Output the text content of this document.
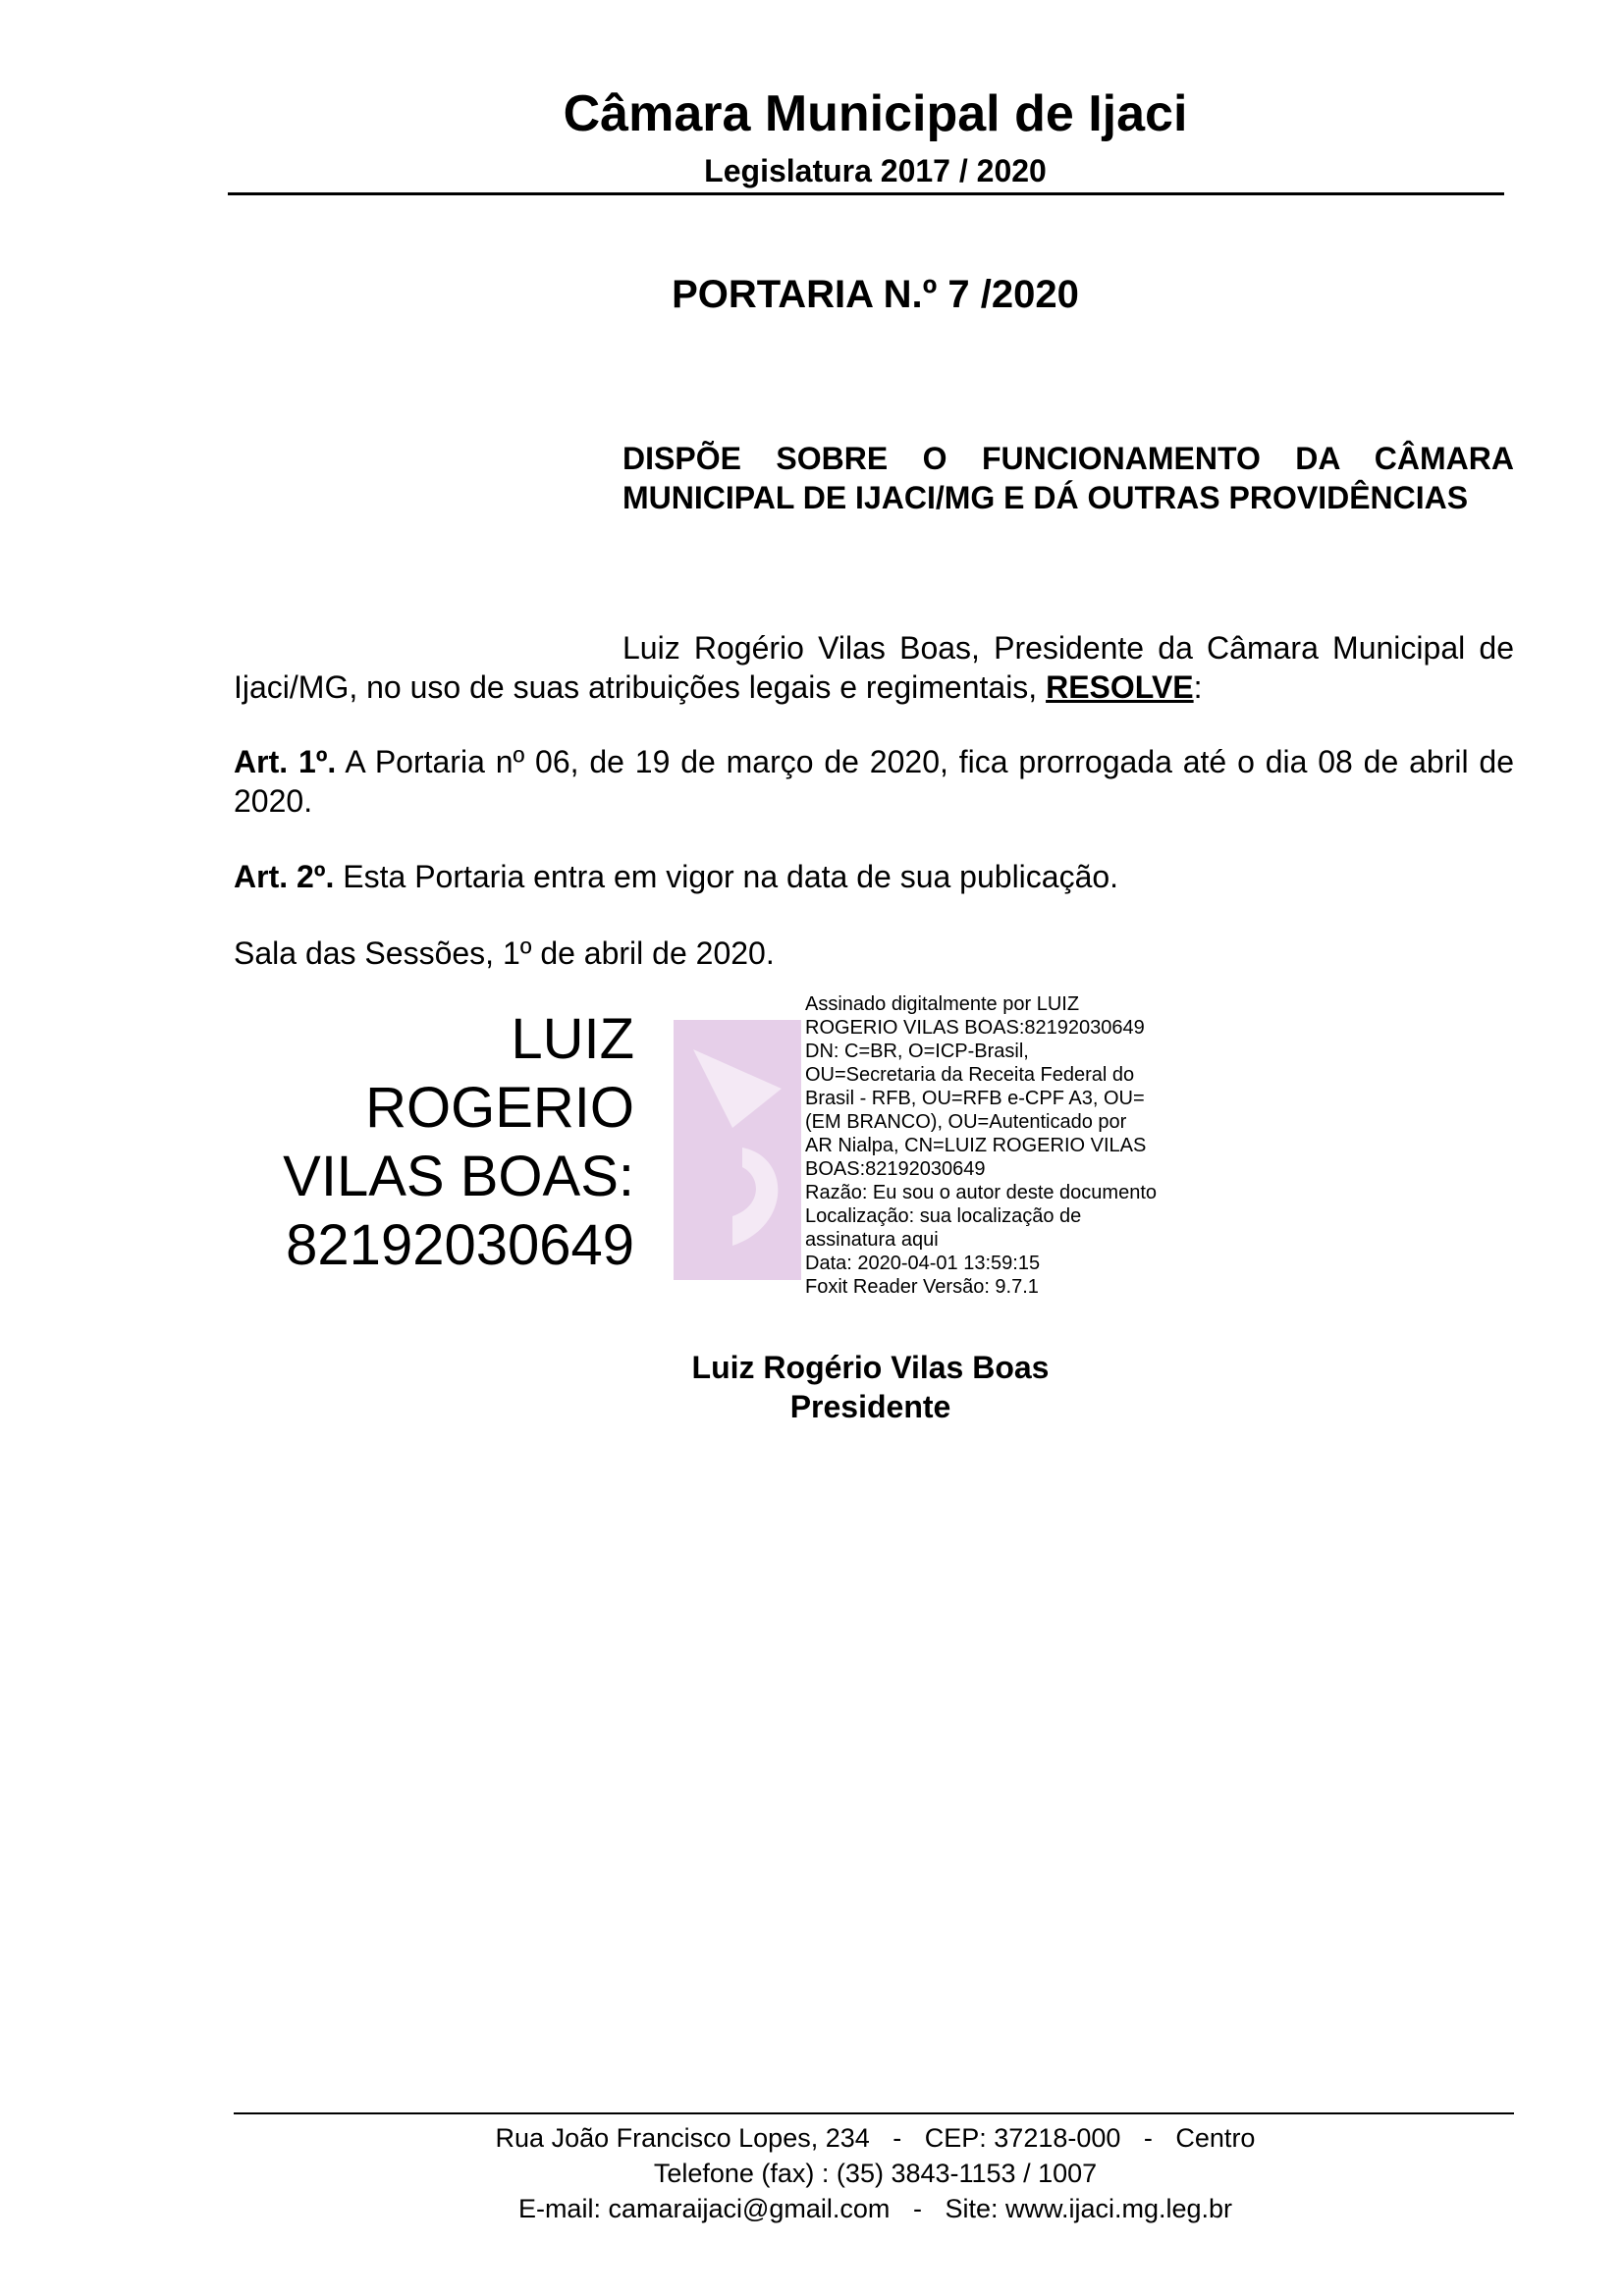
Câmara Municipal de Ijaci
Legislatura 2017 / 2020
PORTARIA N.º 7 /2020
DISPÕE SOBRE O FUNCIONAMENTO DA CÂMARA MUNICIPAL DE IJACI/MG E DÁ OUTRAS PROVIDÊNCIAS
Luiz Rogério Vilas Boas, Presidente da Câmara Municipal de Ijaci/MG, no uso de suas atribuições legais e regimentais, RESOLVE:
Art. 1º. A Portaria nº 06, de 19 de março de 2020, fica prorrogada até o dia 08 de abril de 2020.
Art. 2º. Esta Portaria entra em vigor na data de sua publicação.
Sala das Sessões, 1º de abril de 2020.
LUIZ
ROGERIO
VILAS BOAS:
82192030649
Assinado digitalmente por LUIZ
ROGERIO VILAS BOAS:82192030649
DN: C=BR, O=ICP-Brasil,
OU=Secretaria da Receita Federal do
Brasil - RFB, OU=RFB e-CPF A3, OU=
(EM BRANCO), OU=Autenticado por
AR Nialpa, CN=LUIZ ROGERIO VILAS
BOAS:82192030649
Razão: Eu sou o autor deste documento
Localização: sua localização de
assinatura aqui
Data: 2020-04-01 13:59:15
Foxit Reader Versão: 9.7.1
Luiz Rogério Vilas Boas
Presidente
Rua João Francisco Lopes, 234 - CEP: 37218-000 - Centro
Telefone (fax) : (35) 3843-1153 / 1007
E-mail: camaraijaci@gmail.com - Site: www.ijaci.mg.leg.br
